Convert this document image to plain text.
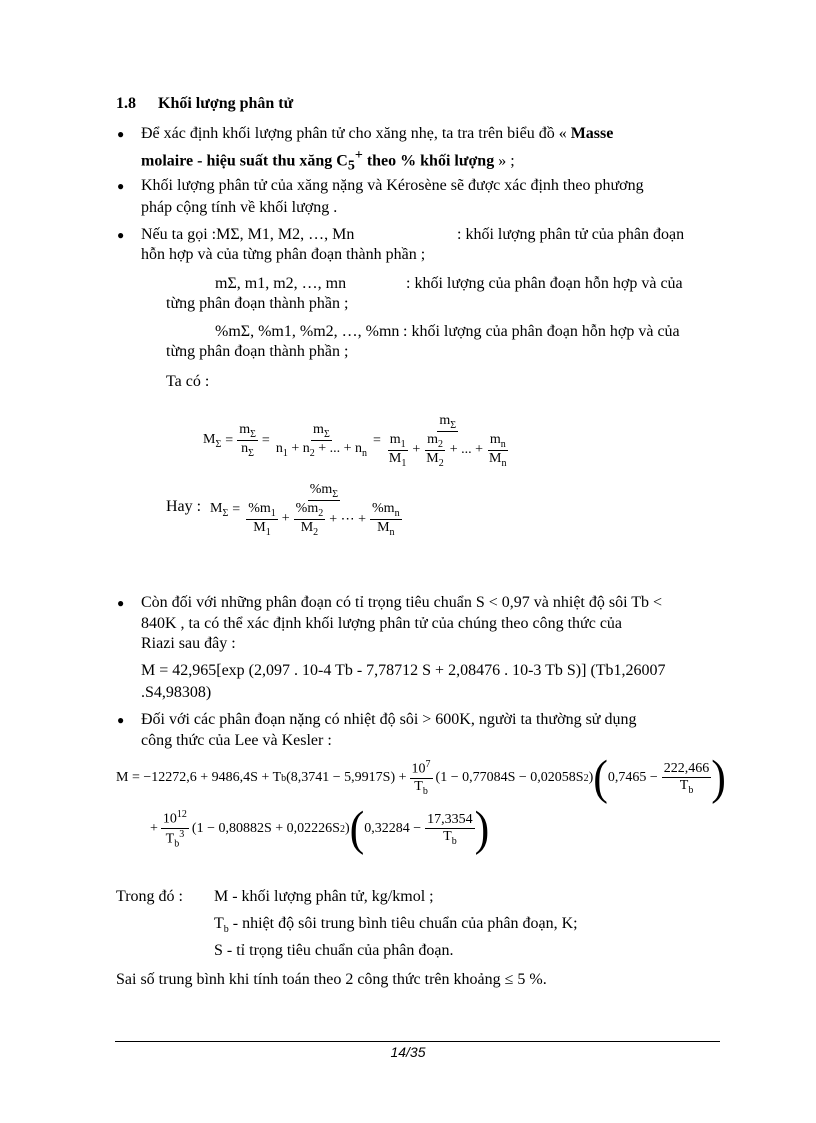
1.8 Khối lượng phân tử
● Để xác định khối lượng phân tử cho xăng nhẹ, ta tra trên biểu đồ « Masse
molaire - hiệu suất thu xăng $C_5^+$ theo % khối lượng » ;
● Khối lượng phân tử của xăng nặng và Kérosène sẽ được xác định theo phương
pháp cộng tính về khối lượng .
● Nếu ta gọi :MΣ, M1, M2, …, Mn	: khối lượng phân tử của phân đoạn
hỗn hợp và của từng phân đoạn thành phần ;
mΣ, m1, m2, …, mn	: khối lượng của phân đoạn hỗn hợp và của
từng phân đoạn thành phần ;
%mΣ, %m1, %m2, …, %mn : khối lượng của phân đoạn hỗn hợp và của
từng phân đoạn thành phần ;
Ta có :
$M_\Sigma = \frac{m_\Sigma}{n_\Sigma} = \frac{m_\Sigma}{n_1 + n_2 + ... + n_n} = \frac{m_\Sigma}{\frac{m_1}{M_1} + \frac{m_2}{M_2} + ... + \frac{m_n}{M_n}}$
Hay : $M_\Sigma = \frac{\%m_\Sigma}{\frac{\%m_1}{M_1} + \frac{\%m_2}{M_2} + \cdots + \frac{\%m_n}{M_n}}$
● Còn đối với những phân đoạn có tỉ trọng tiêu chuẩn S < 0,97 và nhiệt độ sôi Tb <
840K , ta có thể xác định khối lượng phân tử của chúng theo công thức của
Riazi sau đây :
M = 42,965[exp (2,097 . 10-4 Tb - 7,78712 S + 2,08476 . 10-3 Tb S)] (Tb1,26007
.S4,98308)
● Đối với các phân đoạn nặng có nhiệt độ sôi > 600K, người ta thường sử dụng
công thức của Lee và Kesler :
M = −12272,6 + 9486,4S + T b $(8,3741 - 5,9917S) + \frac{10^7}{T_b} (1 - 0,77084S - 0,02058S$ 2 ) ( $0,7465 - \frac{222,466}{T_b}$ )
+ $\frac{10^{12}}{T_b^3} (1 - 0,80882S + 0,02226S$ 2 ) ( $0,32284 - \frac{17,3354}{T_b}$ )
Trong đó : M - khối lượng phân tử, kg/kmol ;
$T_b$ - nhiệt độ sôi trung bình tiêu chuẩn của phân đoạn, K;
S - tỉ trọng tiêu chuẩn của phân đoạn.
Sai số trung bình khi tính toán theo 2 công thức trên khoảng ≤ 5 %.
14/35
